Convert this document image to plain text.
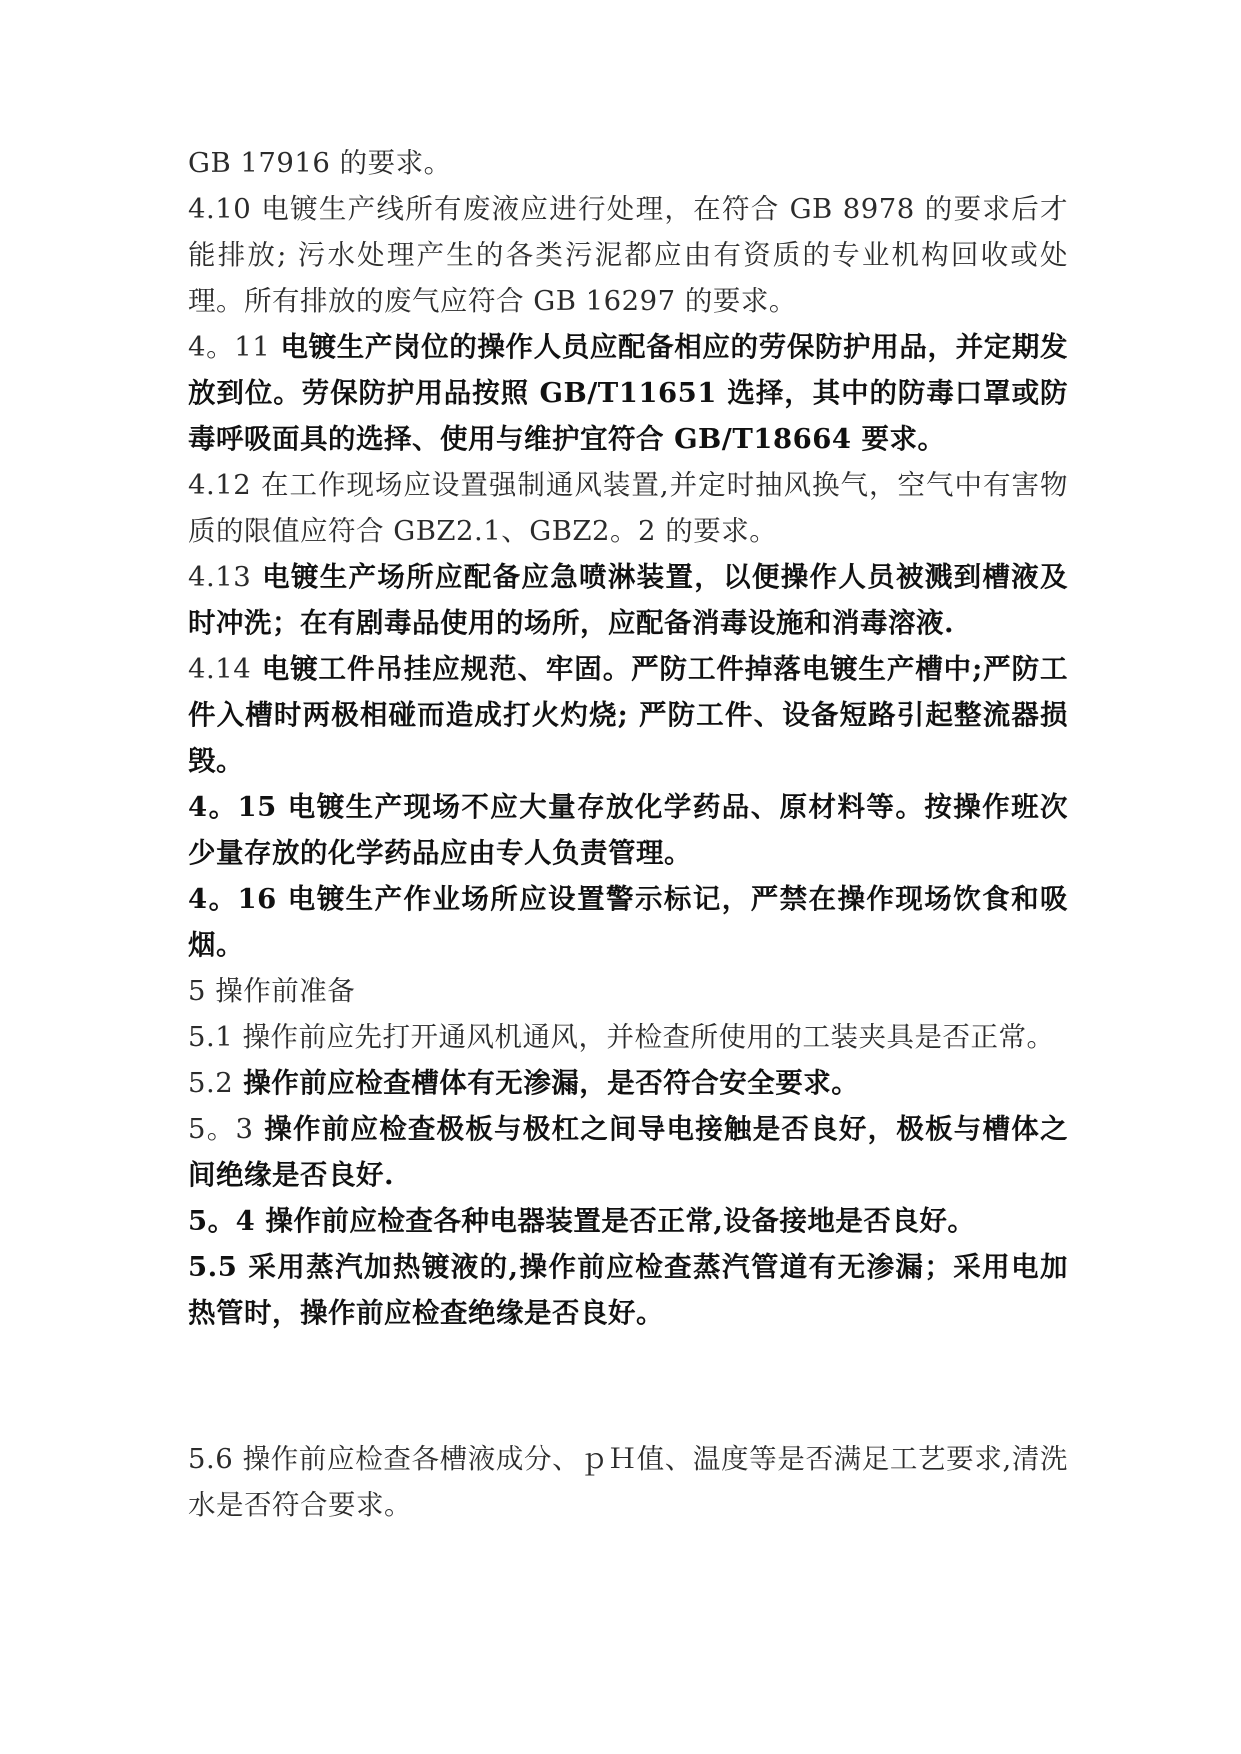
GB 17916 的要求。

4.10 电镀生产线所有废液应进行处理，在符合 GB 8978 的要求后才能排放; 污水处理产生的各类污泥都应由有资质的专业机构回收或处理。所有排放的废气应符合 GB 16297 的要求。

4。11 电镀生产岗位的操作人员应配备相应的劳保防护用品，并定期发放到位。劳保防护用品按照 GB/T11651 选择，其中的防毒口罩或防毒呼吸面具的选择、使用与维护宜符合 GB/T18664 要求。

4.12 在工作现场应设置强制通风装置,并定时抽风换气，空气中有害物质的限值应符合 GBZ2.1、GBZ2。2 的要求。

4.13 电镀生产场所应配备应急喷淋装置，以便操作人员被溅到槽液及时冲洗；在有剧毒品使用的场所，应配备消毒设施和消毒溶液.

4.14 电镀工件吊挂应规范、牢固。严防工件掉落电镀生产槽中;严防工件入槽时两极相碰而造成打火灼烧; 严防工件、设备短路引起整流器损毁。

4。15 电镀生产现场不应大量存放化学药品、原材料等。按操作班次少量存放的化学药品应由专人负责管理。

4。16 电镀生产作业场所应设置警示标记，严禁在操作现场饮食和吸烟。

5 操作前准备

5.1 操作前应先打开通风机通风，并检查所使用的工装夹具是否正常。

5.2 操作前应检查槽体有无渗漏，是否符合安全要求。

5。3 操作前应检查极板与极杠之间导电接触是否良好，极板与槽体之间绝缘是否良好.

5。4 操作前应检查各种电器装置是否正常,设备接地是否良好。

5.5 采用蒸汽加热镀液的,操作前应检查蒸汽管道有无渗漏；采用电加热管时，操作前应检查绝缘是否良好。

5.6 操作前应检查各槽液成分、ｐＨ值、温度等是否满足工艺要求,清洗水是否符合要求。
